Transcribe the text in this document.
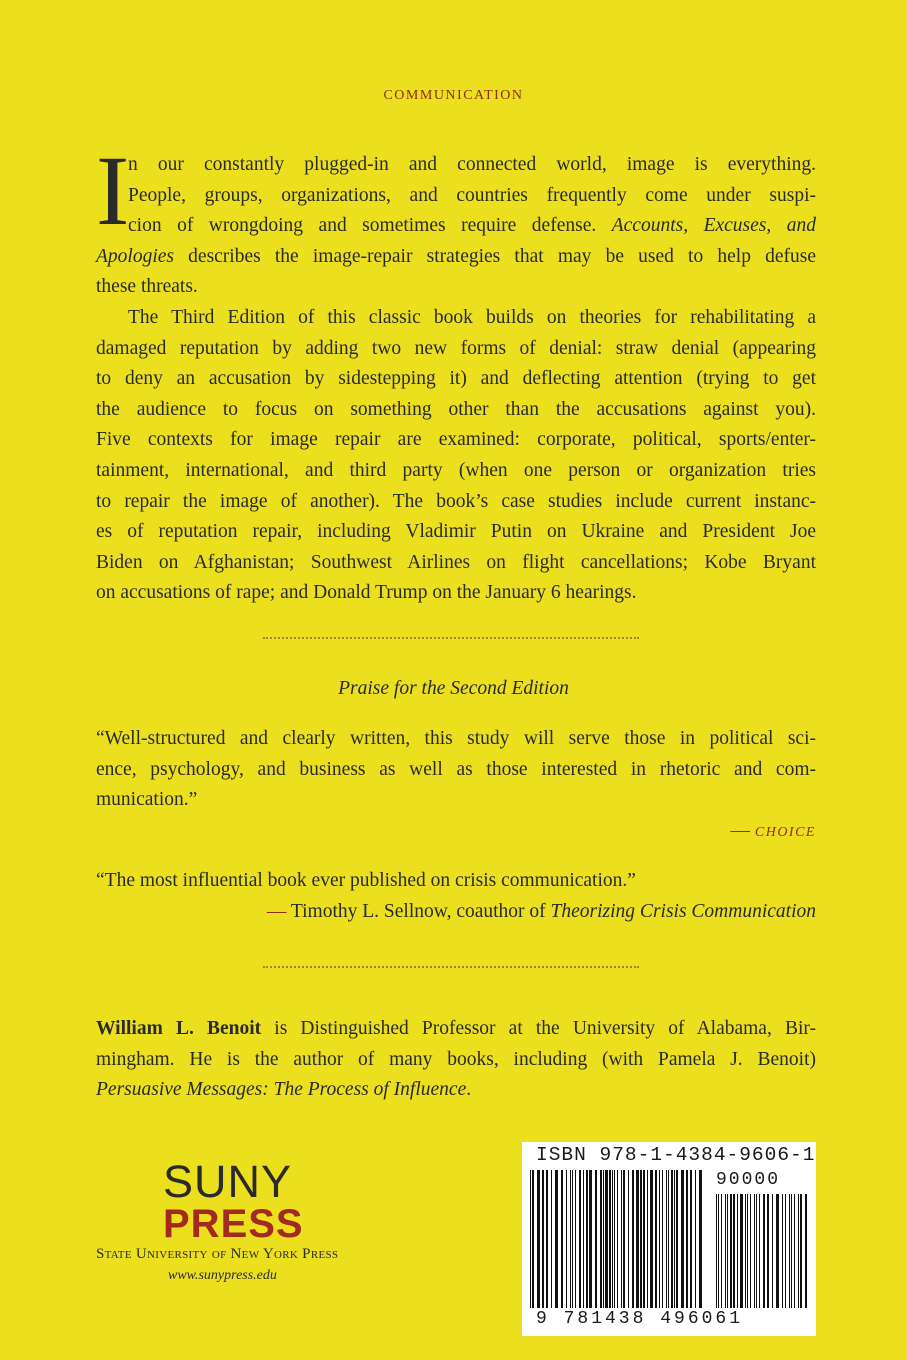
COMMUNICATION
I
n our constantly plugged-in and connected world, image is everything.
People, groups, organizations, and countries frequently come under suspi-
cion of wrongdoing and sometimes require defense. Accounts, Excuses, and
Apologies describes the image-repair strategies that may be used to help defuse
these threats.
The Third Edition of this classic book builds on theories for rehabilitating a
damaged reputation by adding two new forms of denial: straw denial (appearing
to deny an accusation by sidestepping it) and deflecting attention (trying to get
the audience to focus on something other than the accusations against you).
Five contexts for image repair are examined: corporate, political, sports/enter-
tainment, international, and third party (when one person or organization tries
to repair the image of another). The book’s case studies include current instanc-
es of reputation repair, including Vladimir Putin on Ukraine and President Joe
Biden on Afghanistan; Southwest Airlines on flight cancellations; Kobe Bryant
on accusations of rape; and Donald Trump on the January 6 hearings.
Praise for the Second Edition
“Well-structured and clearly written, this study will serve those in political sci-
ence, psychology, and business as well as those interested in rhetoric and com-
munication.”
— CHOICE
“The most influential book ever published on crisis communication.”
— Timothy L. Sellnow, coauthor of Theorizing Crisis Communication
William L. Benoit is Distinguished Professor at the University of Alabama, Bir-
mingham. He is the author of many books, including (with Pamela J. Benoit)
Persuasive Messages: The Process of Influence.
SUNY
PRESS
State University of New York Press
www.sunypress.edu
ISBN 978-1-4384-9606-1
90000
9 781438 496061
